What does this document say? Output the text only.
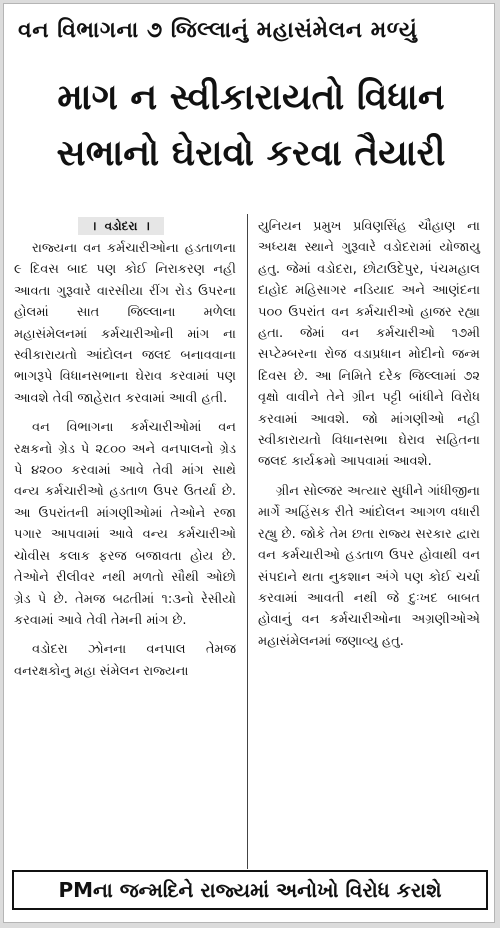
વન વિભાગના ૭ જિલ્લાનું મહાસંમેલન મળ્યું
માગ ન સ્વીકારાયતો વિધાન સભાનો ઘેરાવો કરવા તૈયારી
। વડોદરા ।

રાજ્યના વન કર્મચારીઓના હડતાળના ૯ દિવસ બાદ પણ કોઈ નિરાકરણ નહી આવતા ગુરૂવારે વારસીયા રીંગ રોડ ઉપરના હોલમાં સાત જિલ્લાના મળેલા મહાસંમેલનમાં કર્મચારીઓની માંગ ના સ્વીકારાયતો આંદોલન જલદ બનાવવાના ભાગરૂપે વિધાનસભાના ઘેરાવ કરવામાં પણ આવશે તેવી જાહેરાત કરવામાં આવી હતી.

વન વિભાગના કર્મચારીઓમાં વન રક્ષકનો ગ્રેડ પે ૨૮૦૦ અને વનપાલનો ગ્રેડ પે ૪૨૦૦ કરવામાં આવે તેવી માંગ સાથે વન્ય કર્મચારીઓ હડતાળ ઉપર ઉતર્યા છે. આ ઉપરાંતની માંગણીઓમાં તેઓને રજા પગાર આપવામાં આવે વન્ય કર્મચારીઓ ચોવીસ કલાક ફરજ બજાવતા હોય છે. તેઓને રીલીવર નથી મળતો સૌથી ઓછો ગ્રેડ પે છે. તેમજ બઢતીમાં ૧:૩નો રેસીયો કરવામાં આવે તેવી તેમની માંગ છે.

વડોદરા ઝોનના વનપાલ તેમજ વનરક્ષકોનુ મહા સંમેલન રાજ્યના

યુનિયન પ્રમુખ પ્રવિણસિંહ ચૌહાણ ના અધ્યક્ષ સ્થાને ગુરૂવારે વડોદરામાં યોજાયુ હતુ. જેમાં વડોદરા, છોટાઉદેપુર, પંચમહાલ દાહોદ મહિસાગર નડિયાદ અને આણંદના ૫૦૦ ઉપરાંત વન કર્મચારીઓ હાજર રહ્યા હતા. જેમાં વન કર્મચારીઓ ૧૭મી સપ્ટેમ્બરના રોજ વડાપ્રધાન મોદીનો જન્મ દિવસ છે. આ નિમિતે દરેક જિલ્લામાં ૭૨ વૃક્ષો વાવીને તેને ગ્રીન પટ્ટી બાંધીને વિરોધ કરવામાં આવશે. જો માંગણીઓ નહી સ્વીકારાયતો વિધાનસભા ઘેરાવ સહિતના જલદ કાર્યક્રમો આપવામાં આવશે.

ગ્રીન સોલ્જર અત્યાર સુધીને ગાંધીજીના માર્ગે અહિંસક રીતે આંદોલન આગળ વધારી રહ્યુ છે. જોકે તેમ છતા રાજ્ય સરકાર દ્વારા વન કર્મચારીઓ હડતાળ ઉપર હોવાથી વન સંપદાને થતા નુકશાન અંગે પણ કોઈ ચર્ચા કરવામાં આવતી નથી જે દુઃખદ બાબત હોવાનું વન કર્મચારીઓના અગ્રણીઓએ મહાસંમેલનમાં જણાવ્યુ હતુ.

PMના જન્મદિને રાજ્યમાં અનોખો વિરોધ કરાશે
